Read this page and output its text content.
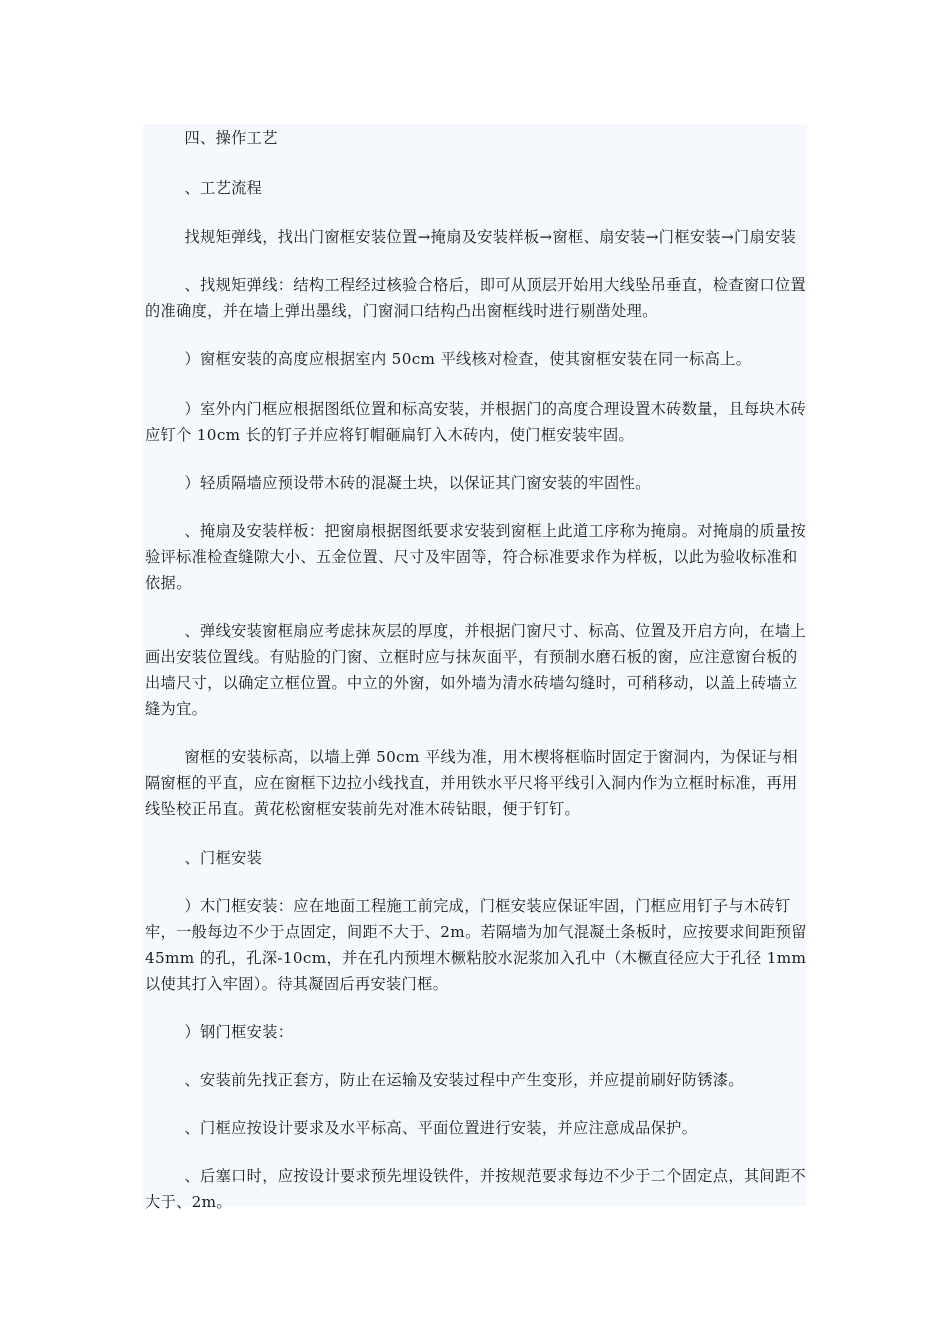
四、操作工艺

、工艺流程

找规矩弹线，找出门窗框安装位置→掩扇及安装样板→窗框、扇安装→门框安装→门扇安装

、找规矩弹线：结构工程经过核验合格后，即可从顶层开始用大线坠吊垂直，检查窗口位置的准确度，并在墙上弹出墨线，门窗洞口结构凸出窗框线时进行剔凿处理。

）窗框安装的高度应根据室内 50cm 平线核对检查，使其窗框安装在同一标高上。

）室外内门框应根据图纸位置和标高安装，并根据门的高度合理设置木砖数量，且每块木砖应钉个 10cm 长的钉子并应将钉帽砸扁钉入木砖内，使门框安装牢固。

）轻质隔墙应预设带木砖的混凝土块，以保证其门窗安装的牢固性。

、掩扇及安装样板：把窗扇根据图纸要求安装到窗框上此道工序称为掩扇。对掩扇的质量按验评标准检查缝隙大小、五金位置、尺寸及牢固等，符合标准要求作为样板，以此为验收标准和依据。

、弹线安装窗框扇应考虑抹灰层的厚度，并根据门窗尺寸、标高、位置及开启方向，在墙上画出安装位置线。有贴脸的门窗、立框时应与抹灰面平，有预制水磨石板的窗，应注意窗台板的出墙尺寸，以确定立框位置。中立的外窗，如外墙为清水砖墙勾缝时，可稍移动，以盖上砖墙立缝为宜。

窗框的安装标高，以墙上弹 50cm 平线为准，用木楔将框临时固定于窗洞内，为保证与相隔窗框的平直，应在窗框下边拉小线找直，并用铁水平尺将平线引入洞内作为立框时标准，再用线坠校正吊直。黄花松窗框安装前先对准木砖钻眼，便于钉钉。

、门框安装

）木门框安装：应在地面工程施工前完成，门框安装应保证牢固，门框应用钉子与木砖钉牢，一般每边不少于点固定，间距不大于、2m。若隔墙为加气混凝土条板时，应按要求间距预留 45mm 的孔，孔深-10cm，并在孔内预埋木橛粘胶水泥浆加入孔中（木橛直径应大于孔径 1mm 以使其打入牢固）。待其凝固后再安装门框。

）钢门框安装：

、安装前先找正套方，防止在运输及安装过程中产生变形，并应提前刷好防锈漆。

、门框应按设计要求及水平标高、平面位置进行安装，并应注意成品保护。

、后塞口时，应按设计要求预先埋设铁件，并按规范要求每边不少于二个固定点，其间距不大于、2m。
